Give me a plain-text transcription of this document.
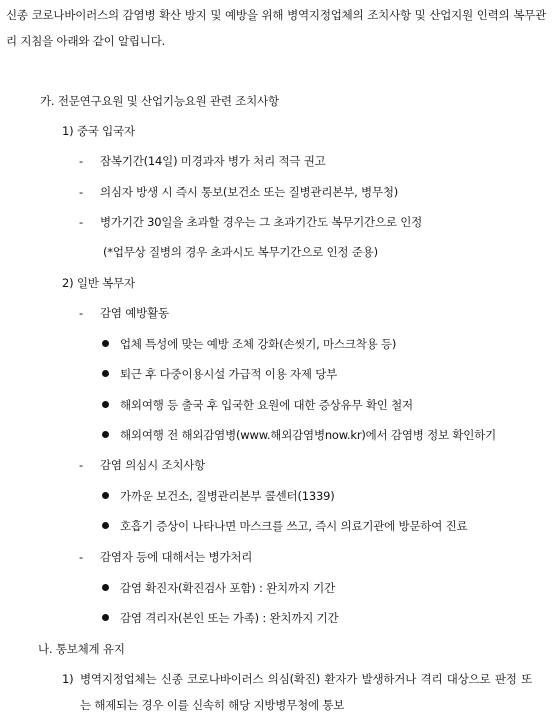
신종 코로나바이러스의 감염병 확산 방지 및 예방을 위해 병역지정업체의 조치사항 및 산업지원 인력의 복무관리 지침을 아래와 같이 알립니다.
가. 전문연구요원 및 산업기능요원 관련 조치사항
1) 중국 입국자
-	잠복기간(14일) 미경과자 병가 처리 적극 권고
-	의심자 방생 시 즉시 통보(보건소 또는 질병관리본부, 병무청)
-	병가기간 30일을 초과할 경우는 그 초과기간도 복무기간으로 인정
(*업무상 질병의 경우 초과시도 복무기간으로 인정 준용)
2) 일반 복무자
-	감염 예방활동
업체 특성에 맞는 예방 조체 강화(손씻기, 마스크착용 등)
퇴근 후 다중이용시설 가급적 이용 자제 당부
해외여행 등 출국 후 입국한 요원에 대한 증상유무 확인 철저
해외여행 전 해외감염병(www.해외감염병now.kr)에서 감염병 정보 확인하기
-	감염 의심시 조치사항
가까운 보건소, 질병관리본부 콜센터(1339)
호흡기 증상이 나타나면 마스크를 쓰고, 즉시 의료기관에 방문하여 진료
-	감염자 등에 대해서는 병가처리
감염 확진자(확진검사 포함) : 완치까지 기간
감염 격리자(본인 또는 가족) : 완치까지 기간
나. 통보체계 유지
1) 병역지정업체는 신종 코로나바이러스 의심(확진) 환자가 발생하거나 격리 대상으로 판정 또는 해제되는 경우 이를 신속히 해당 지방병무청에 통보
